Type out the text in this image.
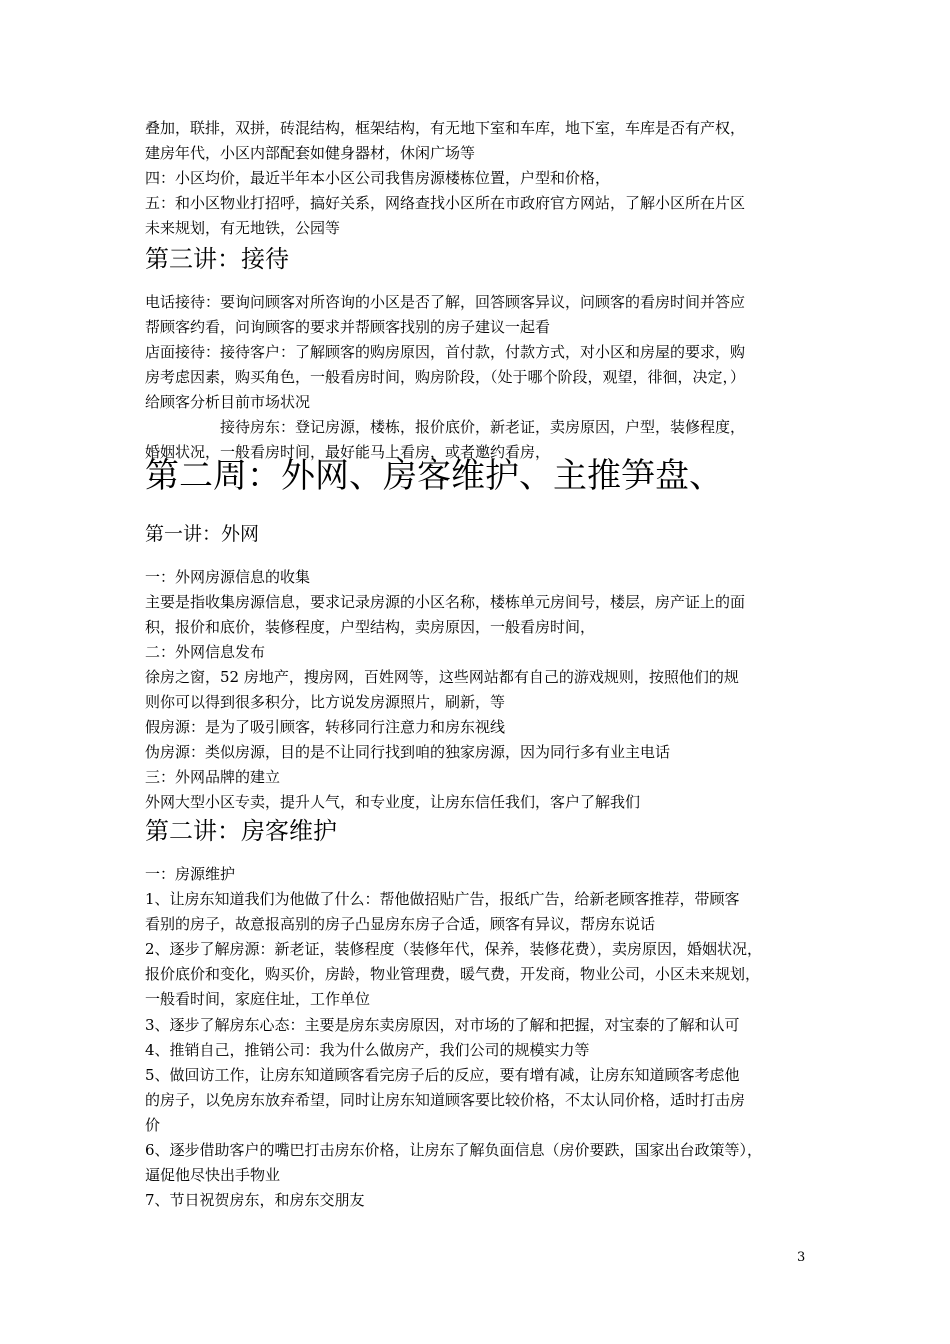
叠加，联排，双拼，砖混结构，框架结构，有无地下室和车库，地下室，车库是否有产权，

建房年代，小区内部配套如健身器材，休闲广场等

四：小区均价，最近半年本小区公司我售房源楼栋位置，户型和价格，

五：和小区物业打招呼，搞好关系，网络查找小区所在市政府官方网站，了解小区所在片区

未来规划，有无地铁，公园等

第三讲：接待

电话接待：要询问顾客对所咨询的小区是否了解，回答顾客异议，问顾客的看房时间并答应

帮顾客约看，问询顾客的要求并帮顾客找别的房子建议一起看

店面接待：接待客户：了解顾客的购房原因，首付款，付款方式，对小区和房屋的要求，购

房考虑因素，购买角色，一般看房时间，购房阶段，（处于哪个阶段，观望，徘徊，决定，）

给顾客分析目前市场状况

　　　　　接待房东：登记房源，楼栋，报价底价，新老证，卖房原因，户型，装修程度，

婚姻状况，一般看房时间，最好能马上看房，或者邀约看房，

第二周：外网、房客维护、主推笋盘、
第一讲：外网

一：外网房源信息的收集

主要是指收集房源信息，要求记录房源的小区名称，楼栋单元房间号，楼层，房产证上的面

积，报价和底价，装修程度，户型结构，卖房原因，一般看房时间，

二：外网信息发布

徐房之窗，52 房地产，搜房网，百姓网等，这些网站都有自己的游戏规则，按照他们的规

则你可以得到很多积分，比方说发房源照片，刷新，等

假房源：是为了吸引顾客，转移同行注意力和房东视线

伪房源：类似房源，目的是不让同行找到咱的独家房源，因为同行多有业主电话

三：外网品牌的建立

外网大型小区专卖，提升人气，和专业度，让房东信任我们，客户了解我们

第二讲：房客维护

一：房源维护

1、让房东知道我们为他做了什么：帮他做招贴广告，报纸广告，给新老顾客推荐，带顾客

看别的房子，故意报高别的房子凸显房东房子合适，顾客有异议，帮房东说话

2、逐步了解房源：新老证，装修程度（装修年代，保养，装修花费），卖房原因，婚姻状况，

报价底价和变化，购买价，房龄，物业管理费，暖气费，开发商，物业公司，小区未来规划，

一般看时间，家庭住址，工作单位

3、逐步了解房东心态：主要是房东卖房原因，对市场的了解和把握，对宝泰的了解和认可

4、推销自己，推销公司：我为什么做房产，我们公司的规模实力等

5、做回访工作，让房东知道顾客看完房子后的反应，要有增有减，让房东知道顾客考虑他

的房子，以免房东放弃希望，同时让房东知道顾客要比较价格，不太认同价格，适时打击房

价

6、逐步借助客户的嘴巴打击房东价格，让房东了解负面信息（房价要跌，国家出台政策等），

逼促他尽快出手物业

7、节日祝贺房东，和房东交朋友

3
